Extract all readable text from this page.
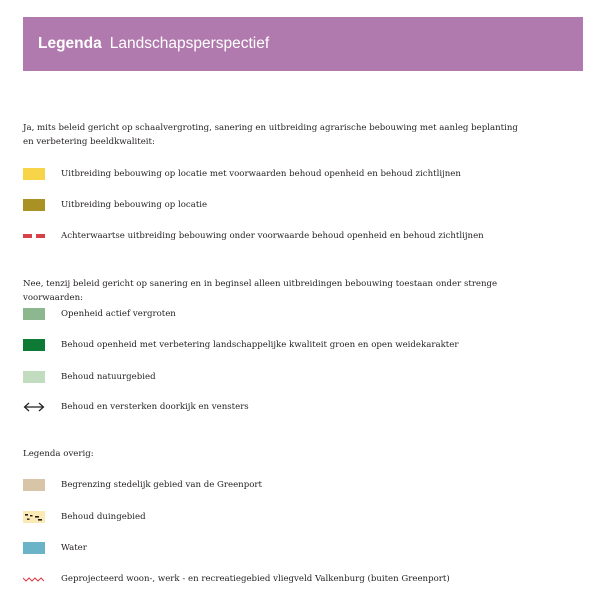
Legenda Landschapsperspectief
Ja, mits beleid gericht op schaalvergroting, sanering en uitbreiding agrarische bebouwing met aanleg beplanting
en verbetering beeldkwaliteit:
Uitbreiding bebouwing op locatie met voorwaarden behoud openheid en behoud zichtlijnen
Uitbreiding bebouwing op locatie
Achterwaartse uitbreiding bebouwing onder voorwaarde behoud openheid en behoud zichtlijnen
Nee, tenzij beleid gericht op sanering en in beginsel alleen uitbreidingen bebouwing toestaan onder strenge voorwaarden:
Openheid actief vergroten
Behoud openheid met verbetering landschappelijke kwaliteit groen en open weidekarakter
Behoud natuurgebied
Behoud en versterken doorkijk en vensters
Legenda overig:
Begrenzing stedelijk gebied van de Greenport
Behoud duingebied
Water
Geprojecteerd woon-, werk - en recreatiegebied vliegveld Valkenburg (buiten Greenport)
